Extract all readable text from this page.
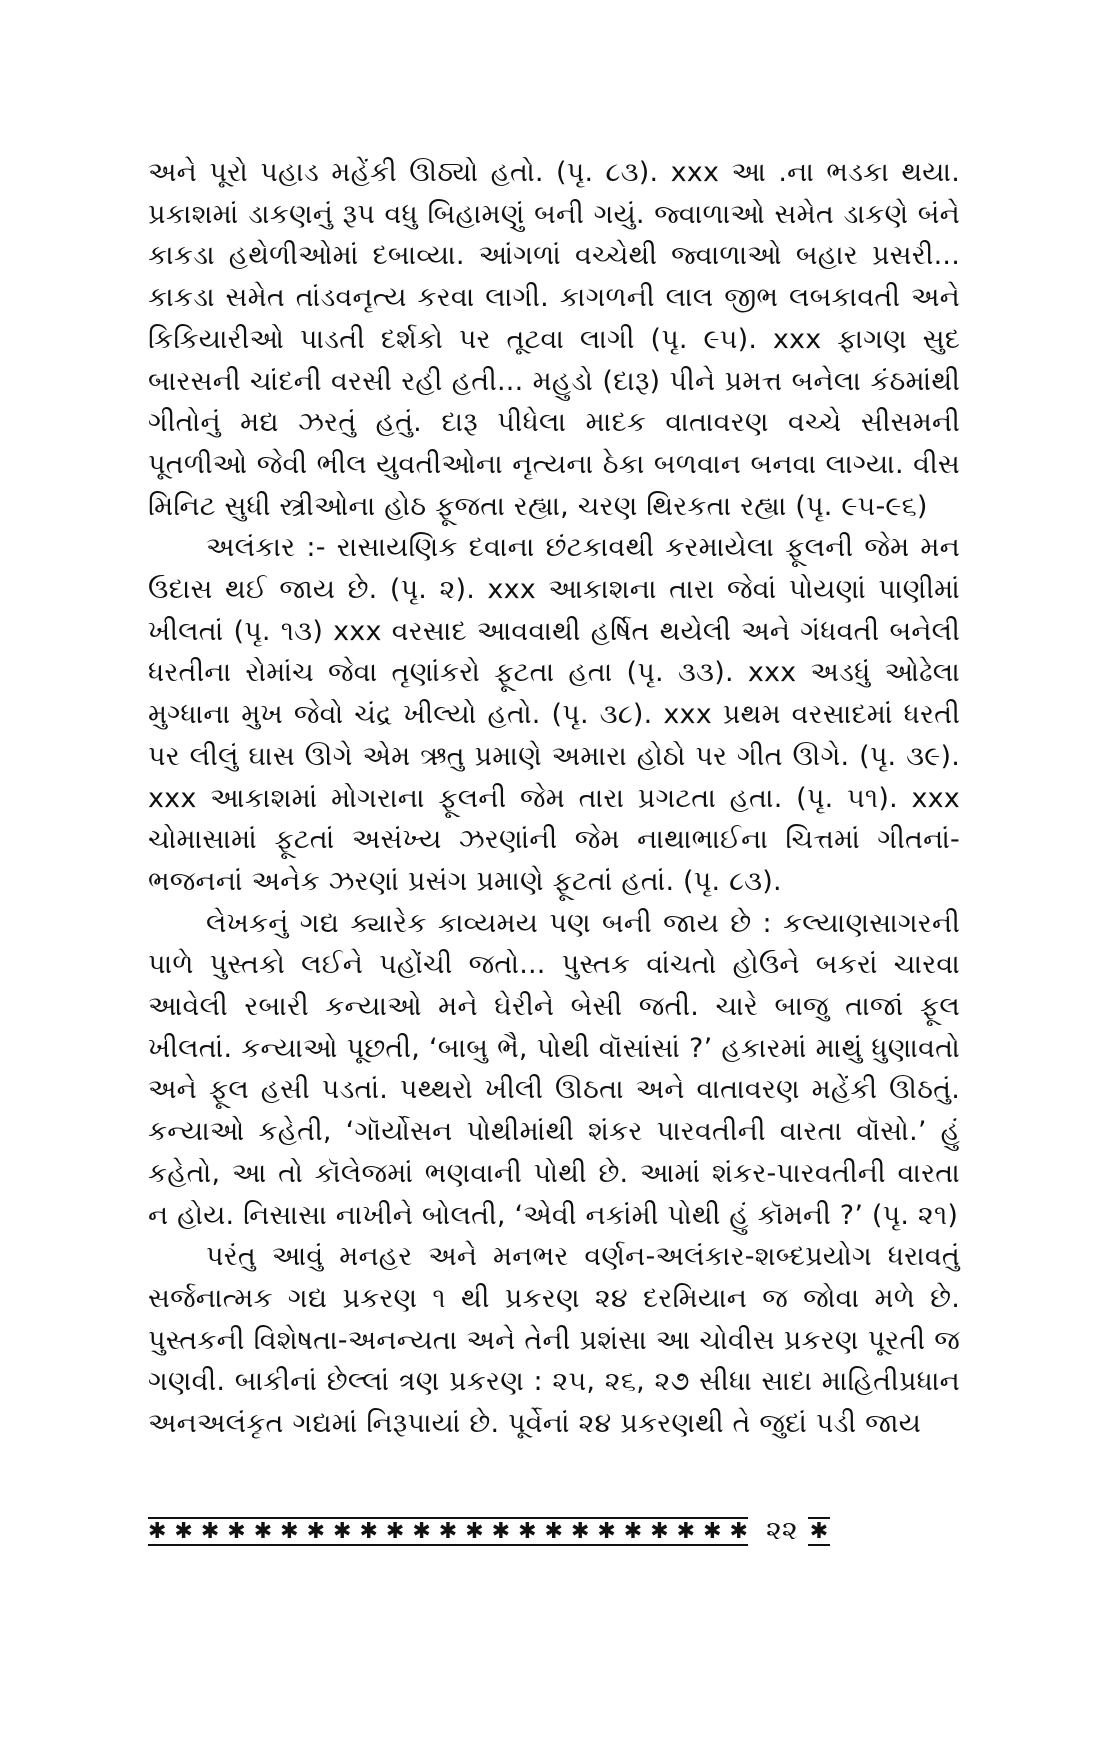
અને પૂરો પહાડ મહેંકી ઊઠ્યો હતો. (પૃ. ૮૩). xxx આ .ના ભડકા થયા. પ્રકાશમાં ડાકણનું રૂપ વધુ બિહામણું બની ગયું. જ્વાળાઓ સમેત ડાકણે બંને કાકડા હથેળીઓમાં દબાવ્યા. આંગળાં વચ્ચેથી જ્વાળાઓ બહાર પ્રસરી... કાકડા સમેત તાંડવનૃત્ય કરવા લાગી. કાગળની લાલ જીભ લબકાવતી અને કિકિયારીઓ પાડતી દર્શકો પર તૂટવા લાગી (પૃ. ૯૫). xxx ફાગણ સુદ બારસની ચાંદની વરસી રહી હતી... મહુડો (દારૂ) પીને પ્રમત્ત બનેલા કંઠમાંથી ગીતોનું મદ્ય ઝરતું હતું. દારૂ પીધેલા માદક વાતાવરણ વચ્ચે સીસમની પૂતળીઓ જેવી ભીલ યુવતીઓના નૃત્યના ઠેકા બળવાન બનવા લાગ્યા. વીસ મિનિટ સુધી સ્ત્રીઓના હોઠ ફૂજતા રહ્યા, ચરણ થિરકતા રહ્યા (પૃ. ૯૫-૯૬)

અલંકાર :- રાસાયણિક દવાના છંટકાવથી કરમાયેલા ફૂલની જેમ મન ઉદાસ થઈ જાય છે. (પૃ. ૨). xxx આકાશના તારા જેવાં પોયણાં પાણીમાં ખીલતાં (પૃ. ૧૩) xxx વરસાદ આવવાથી હર્ષિત થયેલી અને ગંધવતી બનેલી ધરતીના રોમાંચ જેવા તૃણાંકરો ફૂટતા હતા (પૃ. ૩૩). xxx અડધું ઓઢેલા મુગ્ધાના મુખ જેવો ચંદ્ર ખીલ્યો હતો. (પૃ. ૩૮). xxx પ્રથમ વરસાદમાં ધરતી પર લીલું ઘાસ ઊગે એમ ઋતુ પ્રમાણે અમારા હોઠો પર ગીત ઊગે. (પૃ. ૩૯). xxx આકાશમાં મોગરાના ફૂલની જેમ તારા પ્રગટતા હતા. (પૃ. ૫૧). xxx ચોમાસામાં ફૂટતાં અસંખ્ય ઝરણાંની જેમ નાથાભાઈના ચિત્તમાં ગીતનાં-ભજનનાં અનેક ઝરણાં પ્રસંગ પ્રમાણે ફૂટતાં હતાં. (પૃ. ૮૩).

લેખકનું ગદ્ય ક્યારેક કાવ્યમય પણ બની જાય છે : કલ્યાણસાગરની પાળે પુસ્તકો લઈને પહોંચી જતો... પુસ્તક વાંચતો હોઉને બકરાં ચારવા આવેલી રબારી કન્યાઓ મને ઘેરીને બેસી જતી. ચારે બાજુ તાજાં ફૂલ ખીલતાં. કન્યાઓ પૂછતી, ‘બાબુ ભૈ, પોથી વૉસાંસાં ?’ હકારમાં માથું ધુણાવતો અને ફૂલ હસી પડતાં. પથ્થરો ખીલી ઊઠતા અને વાતાવરણ મહેંકી ઊઠતું. કન્યાઓ કહેતી, ‘ગૉર્યોસન પોથીમાંથી શંકર પારવતીની વારતા વૉસો.’ હું કહેતો, આ તો કૉલેજમાં ભણવાની પોથી છે. આમાં શંકર-પારવતીની વારતા ન હોય. નિસાસા નાખીને બોલતી, ‘એવી નકાંમી પોથી હું કૉમની ?’ (પૃ. ૨૧)

પરંતુ આવું મનહર અને મનભર વર્ણન-અલંકાર-શબ્દપ્રયોગ ધરાવતું સર્જનાત્મક ગદ્ય પ્રકરણ ૧ થી પ્રકરણ ૨૪ દરમિયાન જ જોવા મળે છે. પુસ્તકની વિશેષતા-અનન્યતા અને તેની પ્રશંસા આ ચોવીસ પ્રકરણ પૂરતી જ ગણવી. બાકીનાં છેલ્લાં ત્રણ પ્રકરણ : ૨૫, ૨૬, ૨૭ સીધા સાદા માહિતીપ્રધાન અનઅલંકૃત ગદ્યમાં નિરૂપાયાં છે. પૂર્વેનાં ૨૪ પ્રકરણથી તે જુદાં પડી જાય

✱✱✱✱✱✱✱✱✱✱✱✱✱✱✱✱✱✱✱✱✱✱✱ ૨૨ ✱
